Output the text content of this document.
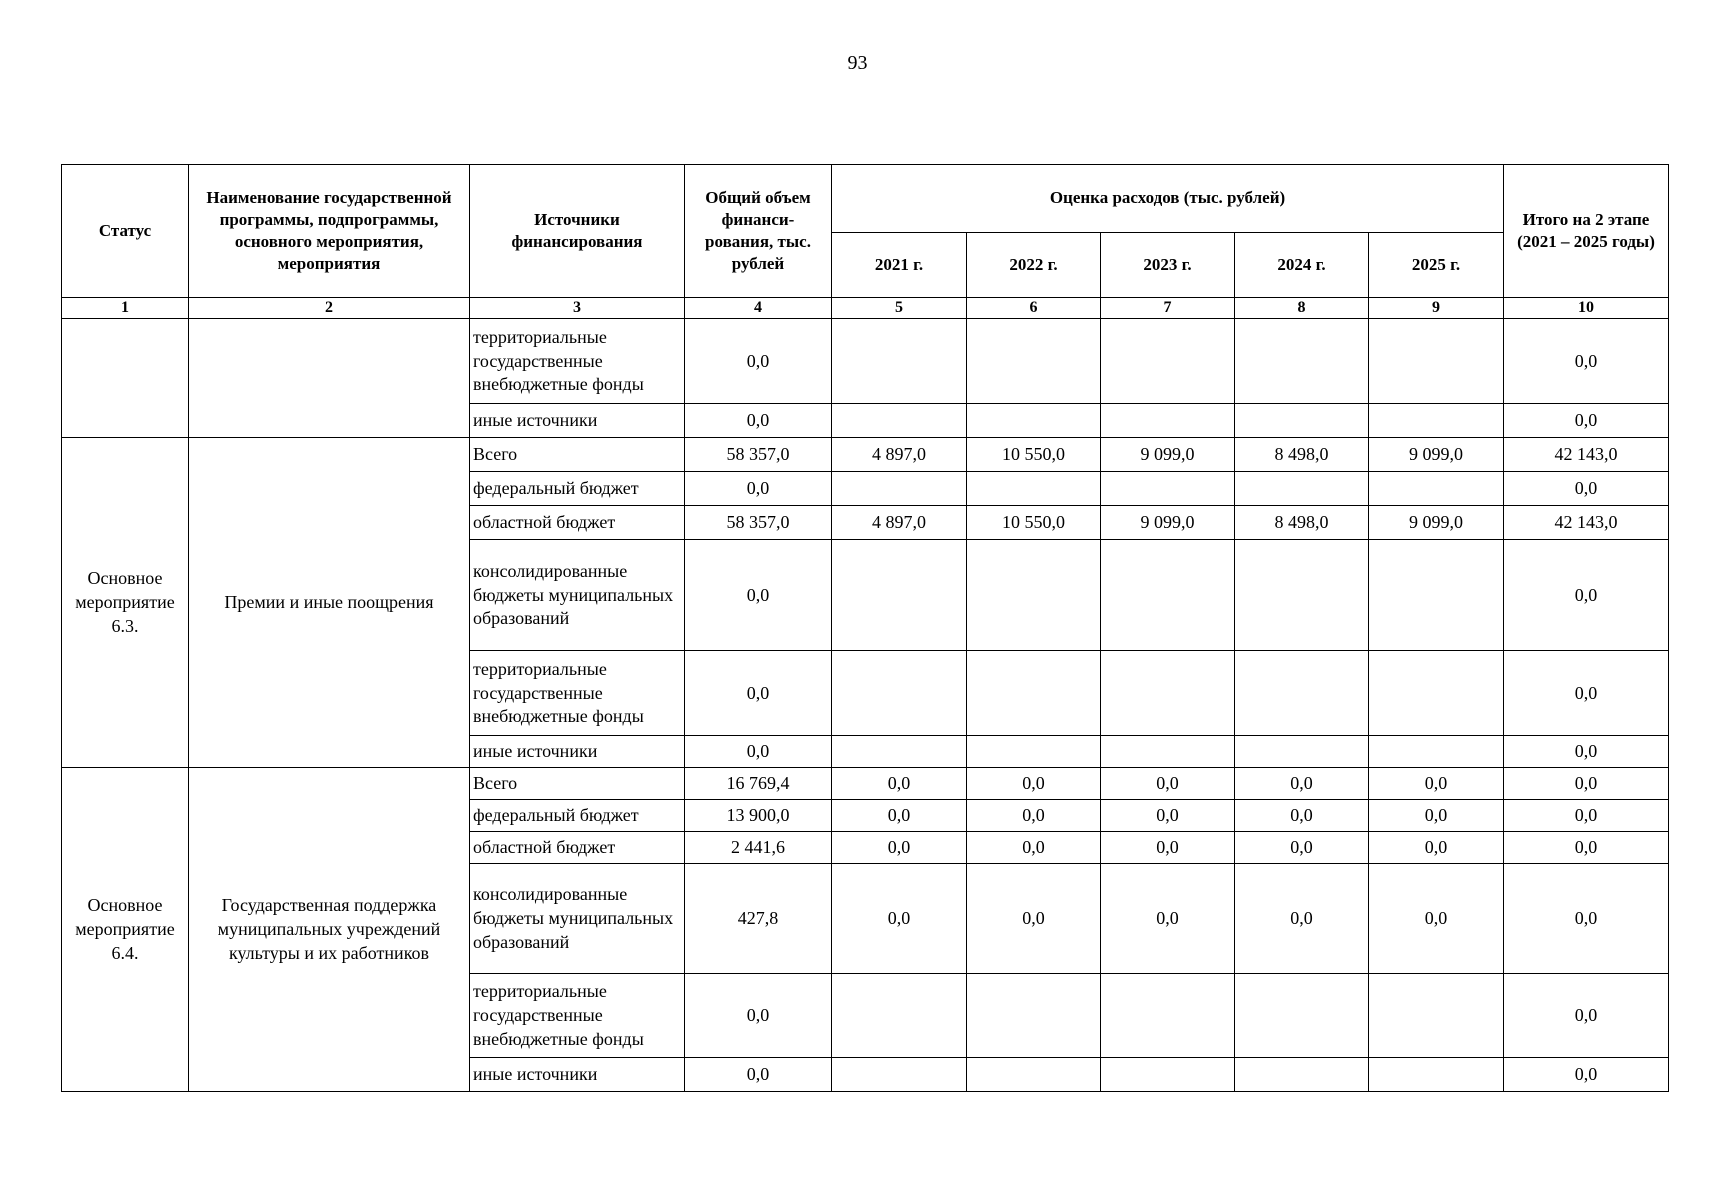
93
Статус	Наименование государственной программы, подпрограммы, основного мероприятия, мероприятия	Источники финансирования	Общий объем финанси-рования, тыс. рублей	Оценка расходов (тыс. рублей)					Итого на 2 этапе (2021 – 2025 годы)
				2021 г.	2022 г.	2023 г.	2024 г.	2025 г.	
1	2	3	4	5	6	7	8	9	10
		территориальные государственные внебюджетные фонды	0,0						0,0
		иные источники	0,0						0,0
Основное мероприятие 6.3.	Премии и иные поощрения	Всего	58 357,0	4 897,0	10 550,0	9 099,0	8 498,0	9 099,0	42 143,0
		федеральный бюджет	0,0						0,0
		областной бюджет	58 357,0	4 897,0	10 550,0	9 099,0	8 498,0	9 099,0	42 143,0
		консолидированные бюджеты муниципальных образований	0,0						0,0
		территориальные государственные внебюджетные фонды	0,0						0,0
		иные источники	0,0						0,0
Основное мероприятие 6.4.	Государственная поддержка муниципальных учреждений культуры и их работников	Всего	16 769,4	0,0	0,0	0,0	0,0	0,0	0,0
		федеральный бюджет	13 900,0	0,0	0,0	0,0	0,0	0,0	0,0
		областной бюджет	2 441,6	0,0	0,0	0,0	0,0	0,0	0,0
		консолидированные бюджеты муниципальных образований	427,8	0,0	0,0	0,0	0,0	0,0	0,0
		территориальные государственные внебюджетные фонды	0,0						0,0
		иные источники	0,0						0,0
